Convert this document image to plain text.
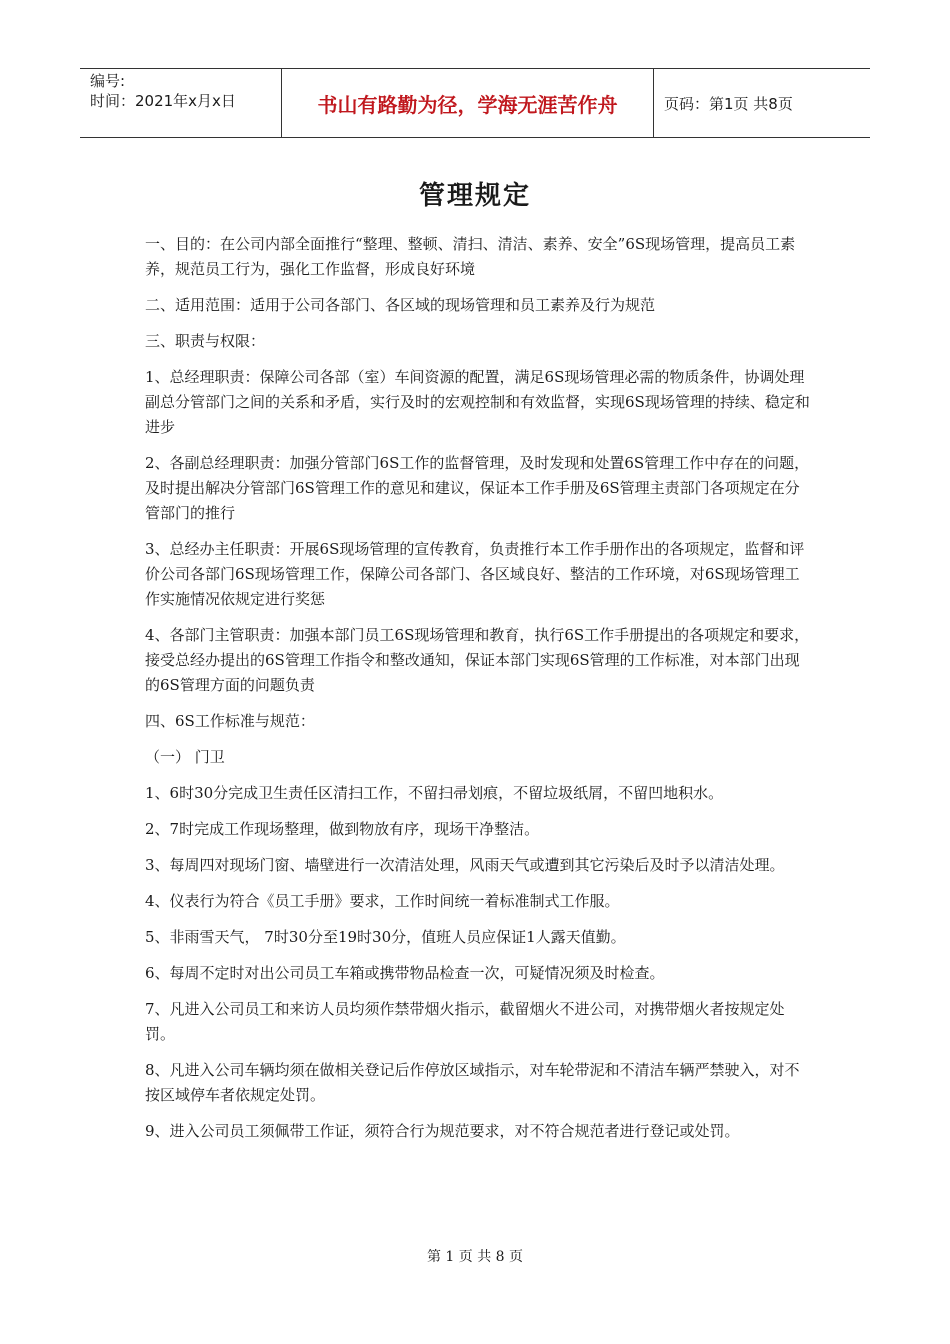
编号:
时间：2021年x月x日	书山有路勤为径，学海无涯苦作舟	页码：第1页 共8页
管理规定

一、目的：在公司内部全面推行“整理、整顿、清扫、清洁、素养、安全”6S现场管理，提高员工素养，规范员工行为，强化工作监督，形成良好环境

二、适用范围：适用于公司各部门、各区域的现场管理和员工素养及行为规范

三、职责与权限：

1、总经理职责：保障公司各部（室）车间资源的配置，满足6S现场管理必需的物质条件，协调处理副总分管部门之间的关系和矛盾，实行及时的宏观控制和有效监督，实现6S现场管理的持续、稳定和进步

2、各副总经理职责：加强分管部门6S工作的监督管理，及时发现和处置6S管理工作中存在的问题，及时提出解决分管部门6S管理工作的意见和建议，保证本工作手册及6S管理主责部门各项规定在分管部门的推行

3、总经办主任职责：开展6S现场管理的宣传教育，负责推行本工作手册作出的各项规定，监督和评价公司各部门6S现场管理工作，保障公司各部门、各区域良好、整洁的工作环境，对6S现场管理工作实施情况依规定进行奖惩

4、各部门主管职责：加强本部门员工6S现场管理和教育，执行6S工作手册提出的各项规定和要求，接受总经办提出的6S管理工作指令和整改通知，保证本部门实现6S管理的工作标准，对本部门出现的6S管理方面的问题负责

四、6S工作标准与规范：

（一） 门卫

1、6时30分完成卫生责任区清扫工作，不留扫帚划痕，不留垃圾纸屑，不留凹地积水。

2、7时完成工作现场整理，做到物放有序，现场干净整洁。

3、每周四对现场门窗、墙壁进行一次清洁处理，风雨天气或遭到其它污染后及时予以清洁处理。

4、仪表行为符合《员工手册》要求，工作时间统一着标准制式工作服。

5、非雨雪天气， 7时30分至19时30分，值班人员应保证1人露天值勤。

6、每周不定时对出公司员工车箱或携带物品检查一次，可疑情况须及时检查。

7、凡进入公司员工和来访人员均须作禁带烟火指示，截留烟火不进公司，对携带烟火者按规定处罚。

8、凡进入公司车辆均须在做相关登记后作停放区域指示，对车轮带泥和不清洁车辆严禁驶入，对不按区域停车者依规定处罚。

9、进入公司员工须佩带工作证，须符合行为规范要求，对不符合规范者进行登记或处罚。

第 1 页 共 8 页
